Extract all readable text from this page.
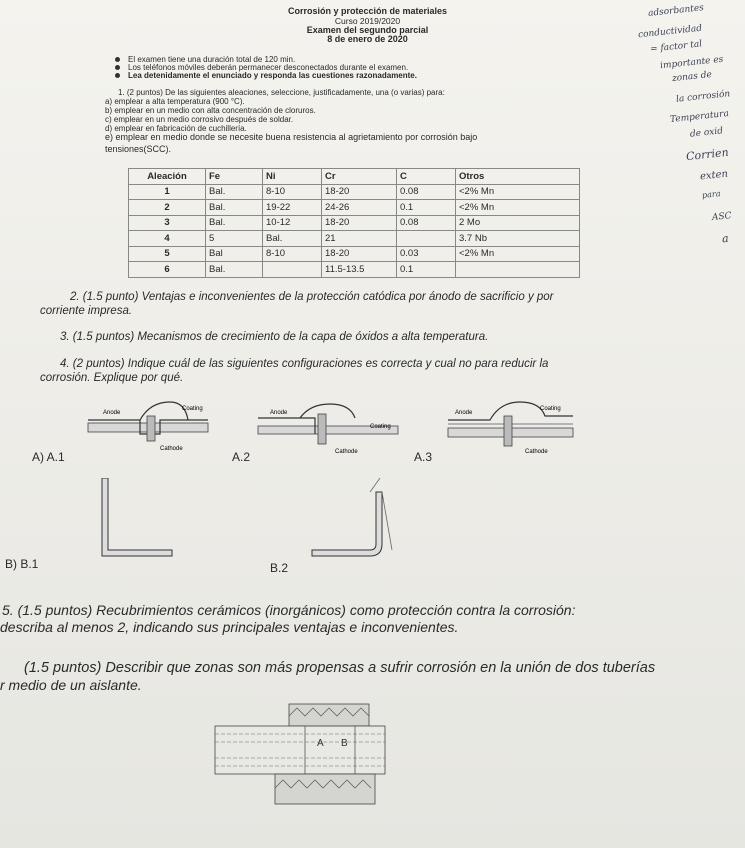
Corrosión y protección de materiales
Curso 2019/2020
Examen del segundo parcial
8 de enero de 2020
El examen tiene una duración total de 120 min.
Los teléfonos móviles deberán permanecer desconectados durante el examen.
Lea detenidamente el enunciado y responda las cuestiones razonadamente.
1. (2 puntos) De las siguientes aleaciones, seleccione, justificadamente, una (o varias) para:
a) emplear a alta temperatura (900 °C).
b) emplear en un medio con alta concentración de cloruros.
c) emplear en un medio corrosivo después de soldar.
d) emplear en fabricación de cuchillería.
e) emplear en medio donde se necesite buena resistencia al agrietamiento por corrosión bajo
tensiones(SCC).
Aleación	Fe	Ni	Cr	C	Otros
1	Bal.	8-10	18-20	0.08	<2% Mn
2	Bal.	19-22	24-26	0.1	<2% Mn
3	Bal.	10-12	18-20	0.08	2 Mo
4	5	Bal.	21		3.7 Nb
5	Bal	8-10	18-20	0.03	<2% Mn
6	Bal.		11.5-13.5	0.1	
2. (1.5 punto) Ventajas e inconvenientes de la protección catódica por ánodo de sacrificio y por
corriente impresa.
3. (1.5 puntos) Mecanismos de crecimiento de la capa de óxidos a alta temperatura.
4. (2 puntos) Indique cuál de las siguientes configuraciones es correcta y cual no para reducir la
corrosión. Explique por qué.
Anode
Coating
Cathode
Anode
Coating
Cathode
Anode
Coating
Cathode
A) A.1	A.2	A.3
B) B.1	B.2
5. (1.5 puntos) Recubrimientos cerámicos (inorgánicos) como protección contra la corrosión:
describa al menos 2, indicando sus principales ventajas e inconvenientes.
(1.5 puntos) Describir que zonas son más propensas a sufrir corrosión en la unión de dos tuberías
r medio de un aislante.
A B
adsorbantes
conductividad
= factor tal
importante es
zonas de
la corrosión
Temperatura
de oxid
Corrien
exten
para
ASC
a
